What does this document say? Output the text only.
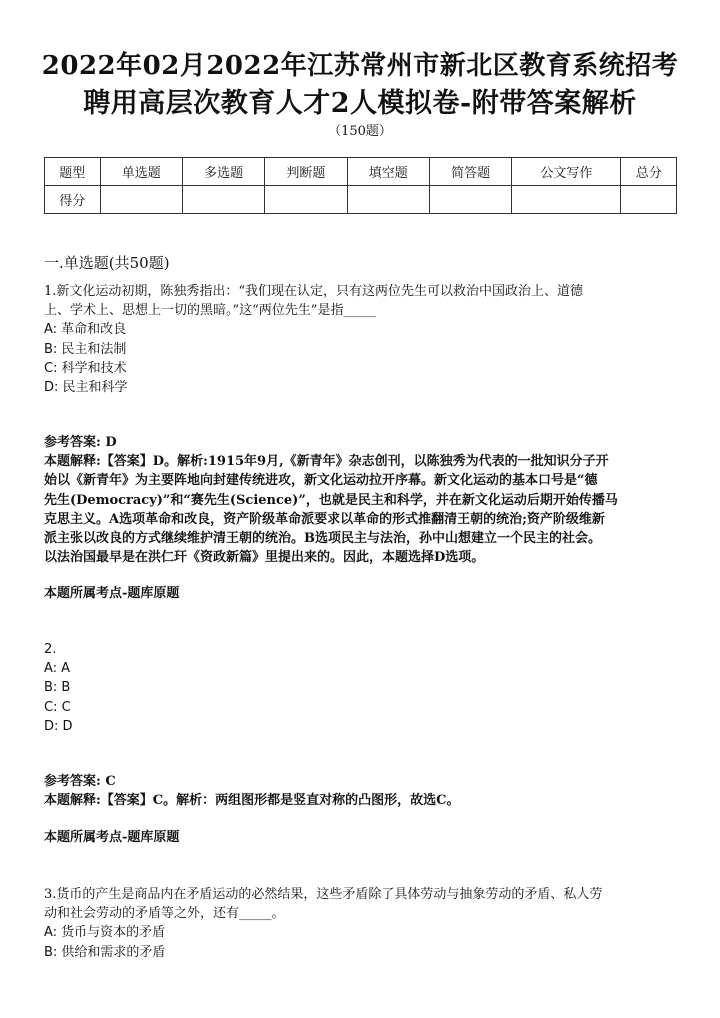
2022年02月2022年江苏常州市新北区教育系统招考
聘用高层次教育人才2人模拟卷-附带答案解析
（150题）
题型	单选题	多选题	判断题	填空题	简答题	公文写作	总分
得分							
一.单选题(共50题)
1.新文化运动初期，陈独秀指出：“我们现在认定，只有这两位先生可以救治中国政治上、道德
上、学术上、思想上一切的黑暗。”这“两位先生”是指_____
A: 革命和改良
B: 民主和法制
C: 科学和技术
D: 民主和科学
参考答案: D
本题解释:【答案】D。解析:1915年9月,《新青年》杂志创刊，以陈独秀为代表的一批知识分子开
始以《新青年》为主要阵地向封建传统进攻，新文化运动拉开序幕。新文化运动的基本口号是“德
先生(Democracy)”和“赛先生(Science)”，也就是民主和科学，并在新文化运动后期开始传播马
克思主义。A选项革命和改良，资产阶级革命派要求以革命的形式推翻清王朝的统治;资产阶级维新
派主张以改良的方式继续维护清王朝的统治。B选项民主与法治，孙中山想建立一个民主的社会。
以法治国最早是在洪仁玕《资政新篇》里提出来的。因此，本题选择D选项。
本题所属考点-题库原题
2.
A: A
B: B
C: C
D: D
参考答案: C
本题解释:【答案】C。解析：两组图形都是竖直对称的凸图形，故选C。
本题所属考点-题库原题
3.货币的产生是商品内在矛盾运动的必然结果，这些矛盾除了具体劳动与抽象劳动的矛盾、私人劳
动和社会劳动的矛盾等之外，还有_____。
A: 货币与资本的矛盾
B: 供给和需求的矛盾
